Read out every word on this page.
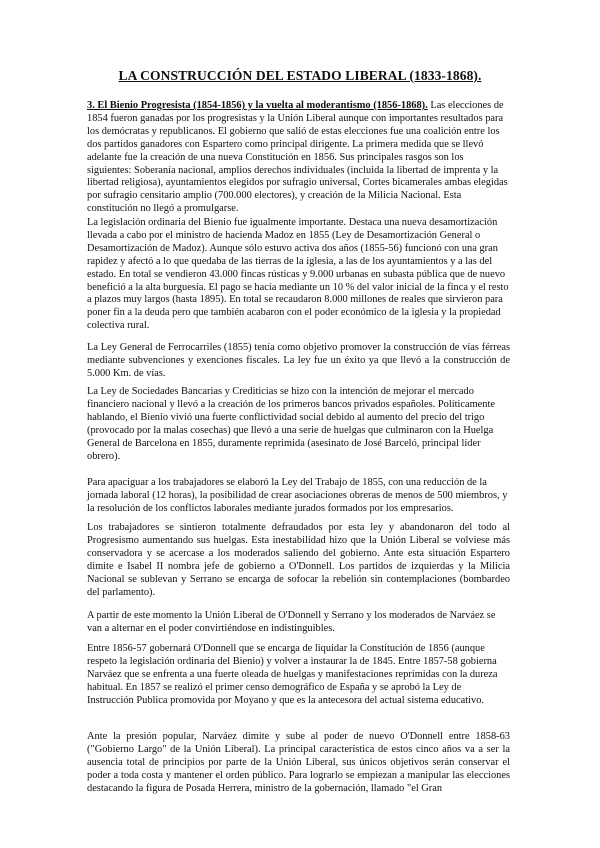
LA CONSTRUCCIÓN DEL ESTADO LIBERAL (1833-1868).

3. El Bienio Progresista (1854-1856) y la vuelta al moderantismo (1856-1868). Las elecciones de 1854 fueron ganadas por los progresistas y la Unión Liberal aunque con importantes resultados para los demócratas y republicanos. El gobierno que salió de estas elecciones fue una coalición entre los dos partidos ganadores con Espartero como principal dirigente. La primera medida que se llevó adelante fue la creación de una nueva Constitución en 1856. Sus principales rasgos son los siguientes: Soberanía nacional, amplios derechos individuales (incluida la libertad de imprenta y la libertad religiosa), ayuntamientos elegidos por sufragio universal, Cortes bicamerales ambas elegidas por sufragio censitario amplio (700.000 electores), y creación de la Milicia Nacional. Esta constitución no llegó a promulgarse.

La legislación ordinaria del Bienio fue igualmente importante. Destaca una nueva desamortización llevada a cabo por el ministro de hacienda Madoz en 1855 (Ley de Desamortización General o Desamortización de Madoz). Aunque sólo estuvo activa dos años (1855-56) funcionó con una gran rapidez y afectó a lo que quedaba de las tierras de la iglesia, a las de los ayuntamientos y a las del estado. En total se vendieron 43.000 fincas rústicas y 9.000 urbanas en subasta pública que de nuevo benefició a la alta burguesía. El pago se hacía mediante un 10 % del valor inicial de la finca y el resto a plazos muy largos (hasta 1895). En total se recaudaron 8.000 millones de reales que sirvieron para poner fin a la deuda pero que también acabaron con el poder económico de la iglesia y la propiedad colectiva rural.

La Ley General de Ferrocarriles (1855) tenía como objetivo promover la construcción de vías férreas mediante subvenciones y exenciones fiscales. La ley fue un éxito ya que llevó a la construcción de 5.000 Km. de vías.

La Ley de Sociedades Bancarias y Crediticias se hizo con la intención de mejorar el mercado financiero nacional y llevó a la creación de los primeros bancos privados españoles. Políticamente hablando, el Bienio vivió una fuerte conflictividad social debido al aumento del precio del trigo (provocado por la malas cosechas) que llevó a una serie de huelgas que culminaron con la Huelga General de Barcelona en 1855, duramente reprimida (asesinato de José Barceló, principal líder obrero).

Para apaciguar a los trabajadores se elaboró la Ley del Trabajo de 1855, con una reducción de la jornada laboral (12 horas), la posibilidad de crear asociaciones obreras de menos de 500 miembros, y la resolución de los conflictos laborales mediante jurados formados por los empresarios.

Los trabajadores se sintieron totalmente defraudados por esta ley y abandonaron del todo al Progresismo aumentando sus huelgas. Esta inestabilidad hizo que la Unión Liberal se volviese más conservadora y se acercase a los moderados saliendo del gobierno. Ante esta situación Espartero dimite e Isabel II nombra jefe de gobierno a O'Donnell. Los partidos de izquierdas y la Milicia Nacional se sublevan y Serrano se encarga de sofocar la rebelión sin contemplaciones (bombardeo del parlamento).

A partir de este momento la Unión Liberal de O'Donnell y Serrano y los moderados de Narváez se van a alternar en el poder convirtiéndose en indistinguibles.

Entre 1856-57 gobernará O'Donnell que se encarga de liquidar la Constitución de 1856 (aunque respeto la legislación ordinaria del Bienio) y volver a instaurar la de 1845. Entre 1857-58 gobierna Narváez que se enfrenta a una fuerte oleada de huelgas y manifestaciones reprimidas con la dureza habitual. En 1857 se realizó el primer censo demográfico de España y se aprobó la Ley de Instrucción Publica promovida por Moyano y que es la antecesora del actual sistema educativo.

Ante la presión popular, Narváez dimite y sube al poder de nuevo O'Donnell entre 1858-63 ("Gobierno Largo" de la Unión Liberal). La principal característica de estos cinco años va a ser la ausencia total de principios por parte de la Unión Liberal, sus únicos objetivos serán conservar el poder a toda costa y mantener el orden público. Para lograrlo se empiezan a manipular las elecciones destacando la figura de Posada Herrera, ministro de la gobernación, llamado "el Gran
